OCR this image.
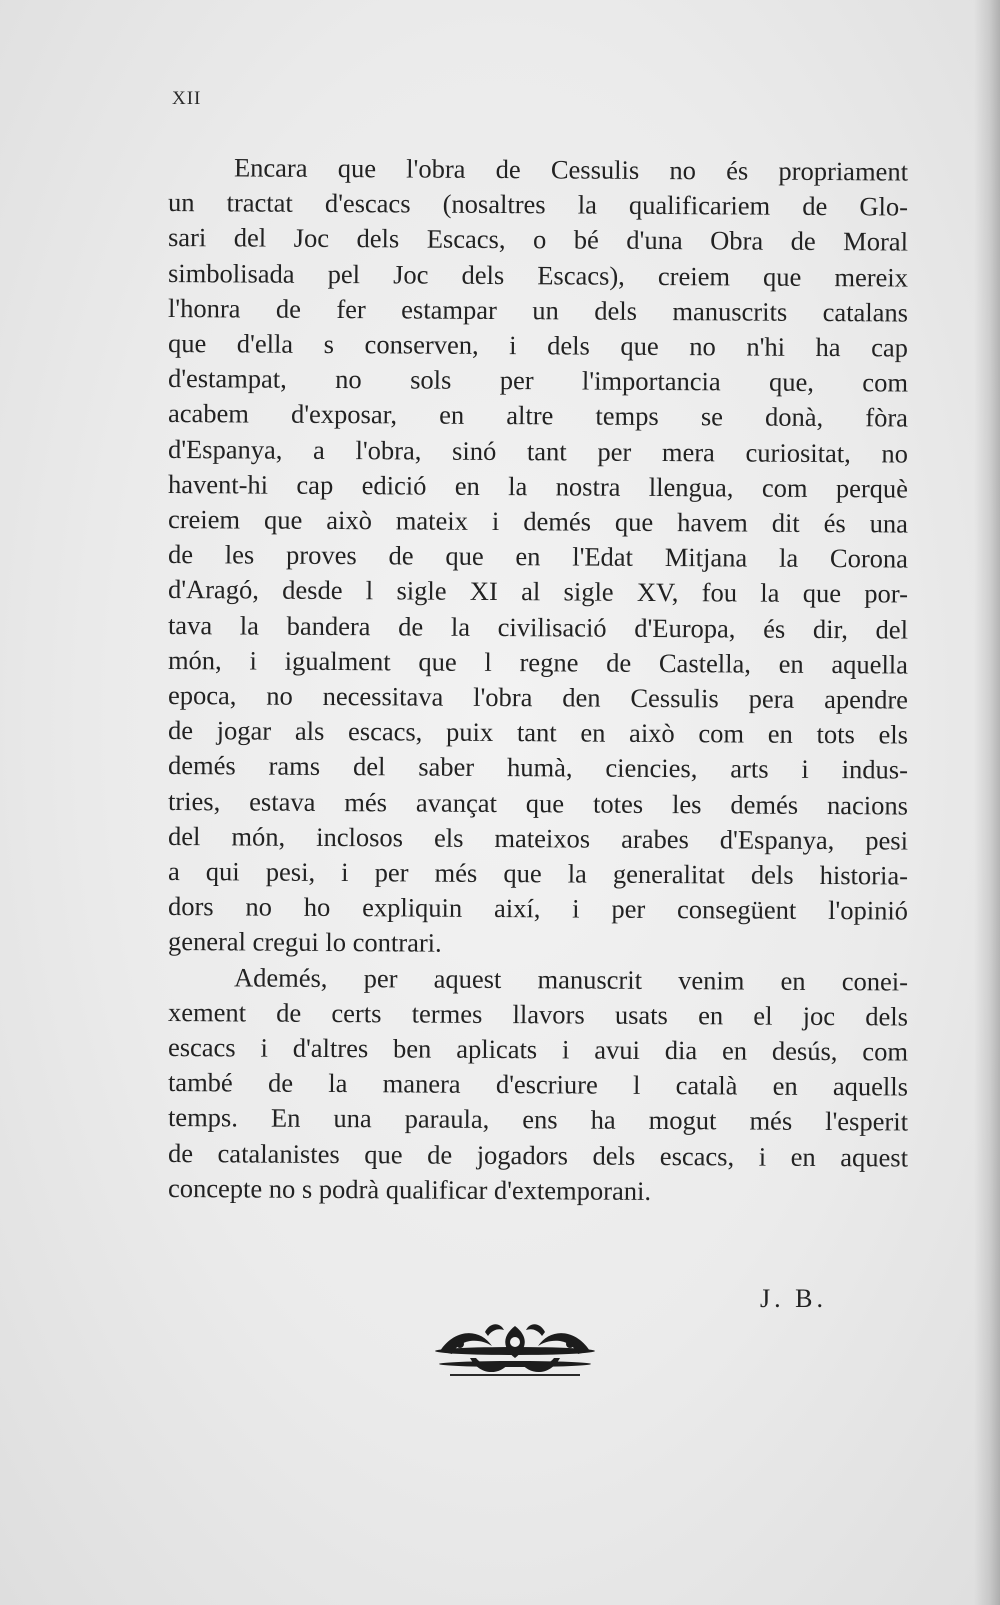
XII
Encara que l'obra de Cessulis no és propriament
un tractat d'escacs (nosaltres la qualificariem de Glo-
sari del Joc dels Escacs, o bé d'una Obra de Moral
simbolisada pel Joc dels Escacs), creiem que mereix
l'honra de fer estampar un dels manuscrits catalans
que d'ella s conserven, i dels que no n'hi ha cap
d'estampat, no sols per l'importancia que, com
acabem d'exposar, en altre temps se donà, fòra
d'Espanya, a l'obra, sinó tant per mera curiositat, no
havent-hi cap edició en la nostra llengua, com perquè
creiem que això mateix i demés que havem dit és una
de les proves de que en l'Edat Mitjana la Corona
d'Aragó, desde l sigle XI al sigle XV, fou la que por-
tava la bandera de la civilisació d'Europa, és dir, del
món, i igualment que l regne de Castella, en aquella
epoca, no necessitava l'obra den Cessulis pera apendre
de jogar als escacs, puix tant en això com en tots els
demés rams del saber humà, ciencies, arts i indus-
tries, estava més avançat que totes les demés nacions
del món, inclosos els mateixos arabes d'Espanya, pesi
a qui pesi, i per més que la generalitat dels historia-
dors no ho expliquin així, i per consegüent l'opinió
general cregui lo contrari.
Ademés, per aquest manuscrit venim en conei-
xement de certs termes llavors usats en el joc dels
escacs i d'altres ben aplicats i avui dia en desús, com
també de la manera d'escriure l català en aquells
temps. En una paraula, ens ha mogut més l'esperit
de catalanistes que de jogadors dels escacs, i en aquest
concepte no s podrà qualificar d'extemporani.
J. B.
